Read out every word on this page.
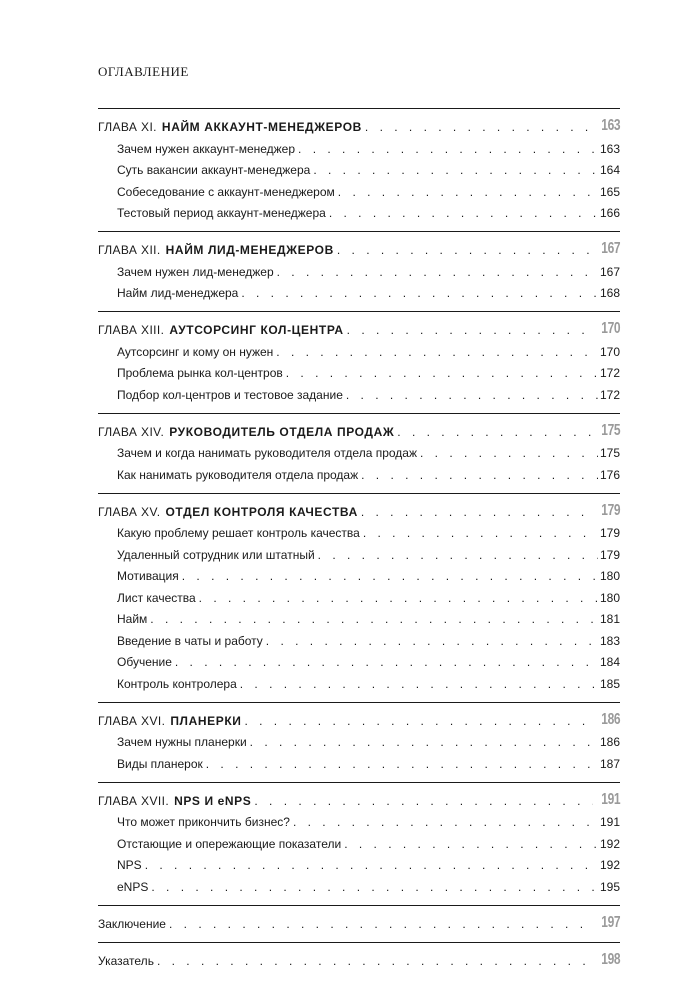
ОГЛАВЛЕНИЕ
ГЛАВА XI. НАЙМ АККАУНТ-МЕНЕДЖЕРОВ . . .	163
Зачем нужен аккаунт-менеджер . . .	163
Суть вакансии аккаунт-менеджера . . .	164
Собеседование с аккаунт-менеджером . . .	165
Тестовый период аккаунт-менеджера . . .	166
ГЛАВА XII. НАЙМ ЛИД-МЕНЕДЖЕРОВ . . .	167
Зачем нужен лид-менеджер . . .	167
Найм лид-менеджера . . .	168
ГЛАВА XIII. АУТСОРСИНГ КОЛ-ЦЕНТРА . . .	170
Аутсорсинг и кому он нужен . . .	170
Проблема рынка кол-центров . . .	172
Подбор кол-центров и тестовое задание . . .	172
ГЛАВА XIV. РУКОВОДИТЕЛЬ ОТДЕЛА ПРОДАЖ . . .	175
Зачем и когда нанимать руководителя отдела продаж . . .	175
Как нанимать руководителя отдела продаж . . .	176
ГЛАВА XV. ОТДЕЛ КОНТРОЛЯ КАЧЕСТВА . . .	179
Какую проблему решает контроль качества . . .	179
Удаленный сотрудник или штатный . . .	179
Мотивация . . .	180
Лист качества . . .	180
Найм . . .	181
Введение в чаты и работу . . .	183
Обучение . . .	184
Контроль контролера . . .	185
ГЛАВА XVI. ПЛАНЕРКИ . . .	186
Зачем нужны планерки . . .	186
Виды планерок . . .	187
ГЛАВА XVII. NPS И eNPS . . .	191
Что может прикончить бизнес? . . .	191
Отстающие и опережающие показатели . . .	192
NPS . . .	192
eNPS . . .	195
Заключение . . .	197
Указатель . . .	198
